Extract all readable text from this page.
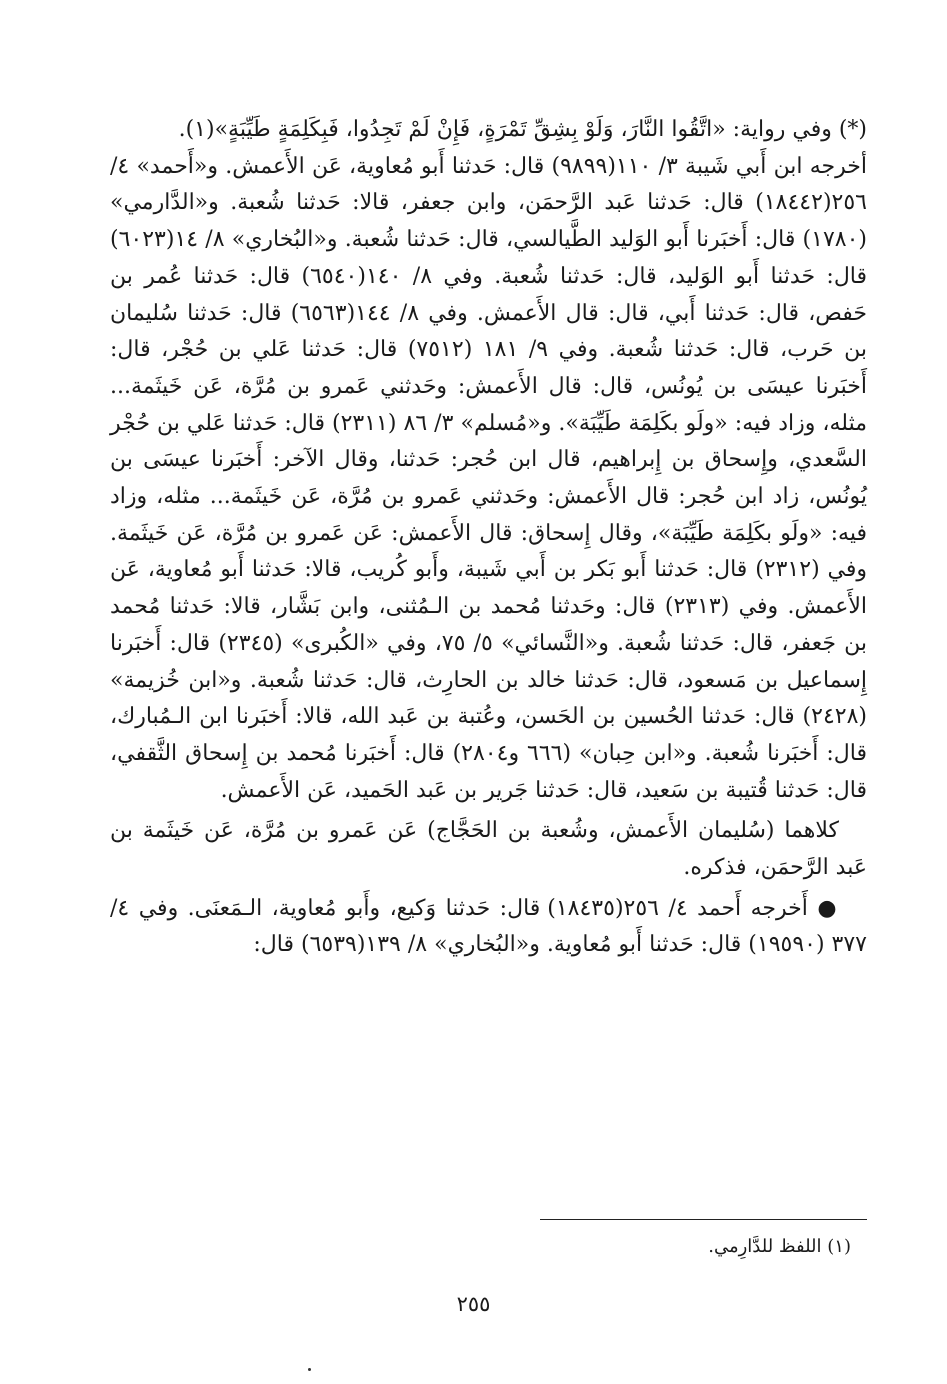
(*) وفي رواية: «اتَّقُوا النَّارَ، وَلَوْ بِشِقِّ تَمْرَةٍ، فَإِنْ لَمْ تَجِدُوا، فَبِكَلِمَةٍ طَيِّبَةٍ»(١).

أخرجه ابن أَبي شَيبة ٣/ ١١٠(٩٨٩٩) قال: حَدثنا أَبو مُعاوية، عَن الأَعمش. و«أَحمد» ٤/ ٢٥٦(١٨٤٤٢) قال: حَدثنا عَبد الرَّحمَن، وابن جعفر، قالا: حَدثنا شُعبة. و«الدَّارمي» (١٧٨٠) قال: أَخبَرنا أَبو الوَليد الطَّيالسي، قال: حَدثنا شُعبة. و«البُخاري» ٨/ ١٤(٦٠٢٣) قال: حَدثنا أَبو الوَليد، قال: حَدثنا شُعبة. وفي ٨/ ١٤٠(٦٥٤٠) قال: حَدثنا عُمر بن حَفص، قال: حَدثنا أَبي، قال: قال الأَعمش. وفي ٨/ ١٤٤(٦٥٦٣) قال: حَدثنا سُليمان بن حَرب، قال: حَدثنا شُعبة. وفي ٩/ ١٨١ (٧٥١٢) قال: حَدثنا عَلي بن حُجْر، قال: أَخبَرنا عيسَى بن يُونُس، قال: قال الأَعمش: وحَدثني عَمرو بن مُرَّة، عَن خَيثَمة... مثله، وزاد فيه: «ولَو بكَلِمَة طَيِّبَة». و«مُسلم» ٣/ ٨٦ (٢٣١١) قال: حَدثنا عَلي بن حُجْر السَّعدي، وإِسحاق بن إِبراهيم، قال ابن حُجر: حَدثنا، وقال الآخر: أَخبَرنا عيسَى بن يُونُس، زاد ابن حُجر: قال الأَعمش: وحَدثني عَمرو بن مُرَّة، عَن خَيثَمة... مثله، وزاد فيه: «ولَو بكَلِمَة طَيِّبَة»، وقال إِسحاق: قال الأَعمش: عَن عَمرو بن مُرَّة، عَن خَيثَمة. وفي (٢٣١٢) قال: حَدثنا أَبو بَكر بن أَبي شَيبة، وأَبو كُريب، قالا: حَدثنا أَبو مُعاوية، عَن الأَعمش. وفي (٢٣١٣) قال: وحَدثنا مُحمد بن الـمُثنى، وابن بَشَّار، قالا: حَدثنا مُحمد بن جَعفر، قال: حَدثنا شُعبة. و«النَّسائي» ٥/ ٧٥، وفي «الكُبرى» (٢٣٤٥) قال: أَخبَرنا إِسماعيل بن مَسعود، قال: حَدثنا خالد بن الحارِث، قال: حَدثنا شُعبة. و«ابن خُزيمة» (٢٤٢٨) قال: حَدثنا الحُسين بن الحَسن، وعُتبة بن عَبد الله، قالا: أَخبَرنا ابن الـمُبارك، قال: أَخبَرنا شُعبة. و«ابن حِبان» (٦٦٦ و٢٨٠٤) قال: أَخبَرنا مُحمد بن إِسحاق الثَّقفي، قال: حَدثنا قُتيبة بن سَعيد، قال: حَدثنا جَرير بن عَبد الحَميد، عَن الأَعمش.

كلاهما (سُليمان الأَعمش، وشُعبة بن الحَجَّاج) عَن عَمرو بن مُرَّة، عَن خَيثَمة بن عَبد الرَّحمَن، فذكره.

● أَخرجه أَحمد ٤/ ٢٥٦(١٨٤٣٥) قال: حَدثنا وَكيع، وأَبو مُعاوية، الـمَعنَى. وفي ٤/ ٣٧٧ (١٩٥٩٠) قال: حَدثنا أَبو مُعاوية. و«البُخاري» ٨/ ١٣٩(٦٥٣٩) قال:

(١) اللفظ للدَّارِمي.
٢٥٥
